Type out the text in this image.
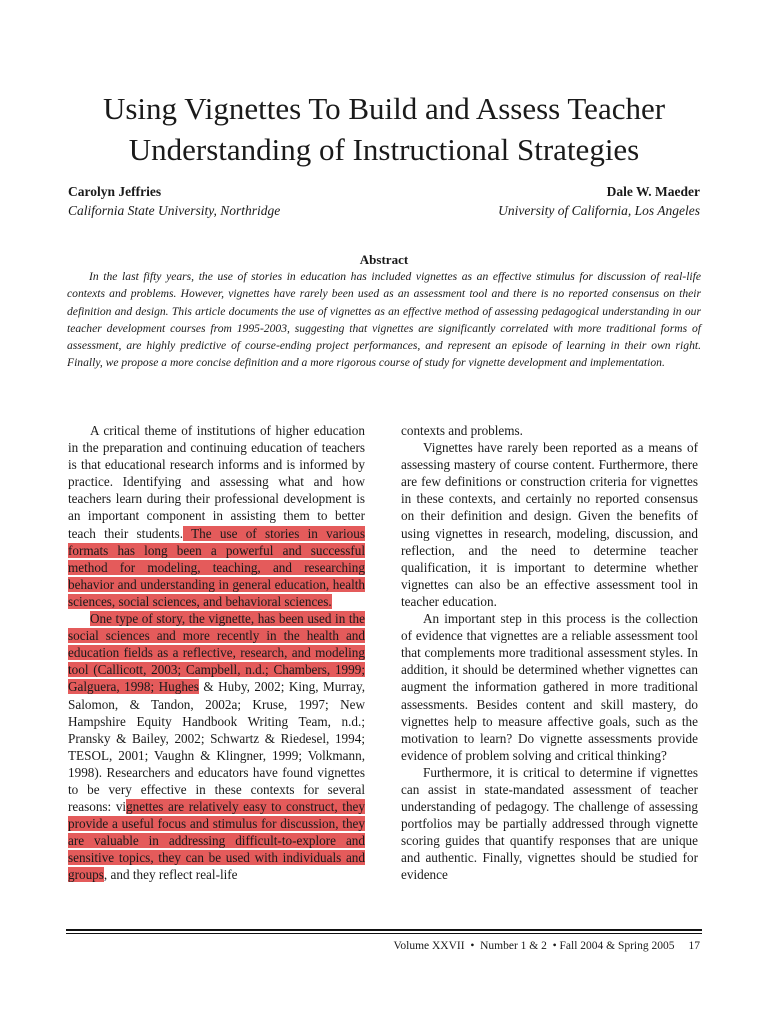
Using Vignettes To Build and Assess Teacher Understanding of Instructional Strategies
Carolyn Jeffries
California State University, Northridge
Dale W. Maeder
University of California, Los Angeles
Abstract
In the last fifty years, the use of stories in education has included vignettes as an effective stimulus for discussion of real-life contexts and problems. However, vignettes have rarely been used as an assessment tool and there is no reported consensus on their definition and design. This article documents the use of vignettes as an effective method of assessing pedagogical understanding in our teacher development courses from 1995-2003, suggesting that vignettes are significantly correlated with more traditional forms of assessment, are highly predictive of course-ending project performances, and represent an episode of learning in their own right. Finally, we propose a more concise definition and a more rigorous course of study for vignette development and implementation.

A critical theme of institutions of higher education in the preparation and continuing education of teachers is that educational research informs and is informed by practice. Identifying and assessing what and how teachers learn during their professional development is an important component in assisting them to better teach their students. The use of stories in various formats has long been a powerful and successful method for modeling, teaching, and researching behavior and understanding in general education, health sciences, social sciences, and behavioral sciences.

One type of story, the vignette, has been used in the social sciences and more recently in the health and education fields as a reflective, research, and modeling tool (Callicott, 2003; Campbell, n.d.; Chambers, 1999; Galguera, 1998; Hughes & Huby, 2002; King, Murray, Salomon, & Tandon, 2002a; Kruse, 1997; New Hampshire Equity Handbook Writing Team, n.d.; Pransky & Bailey, 2002; Schwartz & Riedesel, 1994; TESOL, 2001; Vaughn & Klingner, 1999; Volkmann, 1998). Researchers and educators have found vignettes to be very effective in these contexts for several reasons: vignettes are relatively easy to construct, they provide a useful focus and stimulus for discussion, they are valuable in addressing difficult-to-explore and sensitive topics, they can be used with individuals and groups, and they reflect real-life

contexts and problems.

Vignettes have rarely been reported as a means of assessing mastery of course content. Furthermore, there are few definitions or construction criteria for vignettes in these contexts, and certainly no reported consensus on their definition and design. Given the benefits of using vignettes in research, modeling, discussion, and reflection, and the need to determine teacher qualification, it is important to determine whether vignettes can also be an effective assessment tool in teacher education.

An important step in this process is the collection of evidence that vignettes are a reliable assessment tool that complements more traditional assessment styles. In addition, it should be determined whether vignettes can augment the information gathered in more traditional assessments. Besides content and skill mastery, do vignettes help to measure affective goals, such as the motivation to learn? Do vignette assessments provide evidence of problem solving and critical thinking?

Furthermore, it is critical to determine if vignettes can assist in state-mandated assessment of teacher understanding of pedagogy. The challenge of assessing portfolios may be partially addressed through vignette scoring guides that quantify responses that are unique and authentic. Finally, vignettes should be studied for evidence

Volume XXVII  •  Number 1 & 2  • Fall 2004 & Spring 2005 17
